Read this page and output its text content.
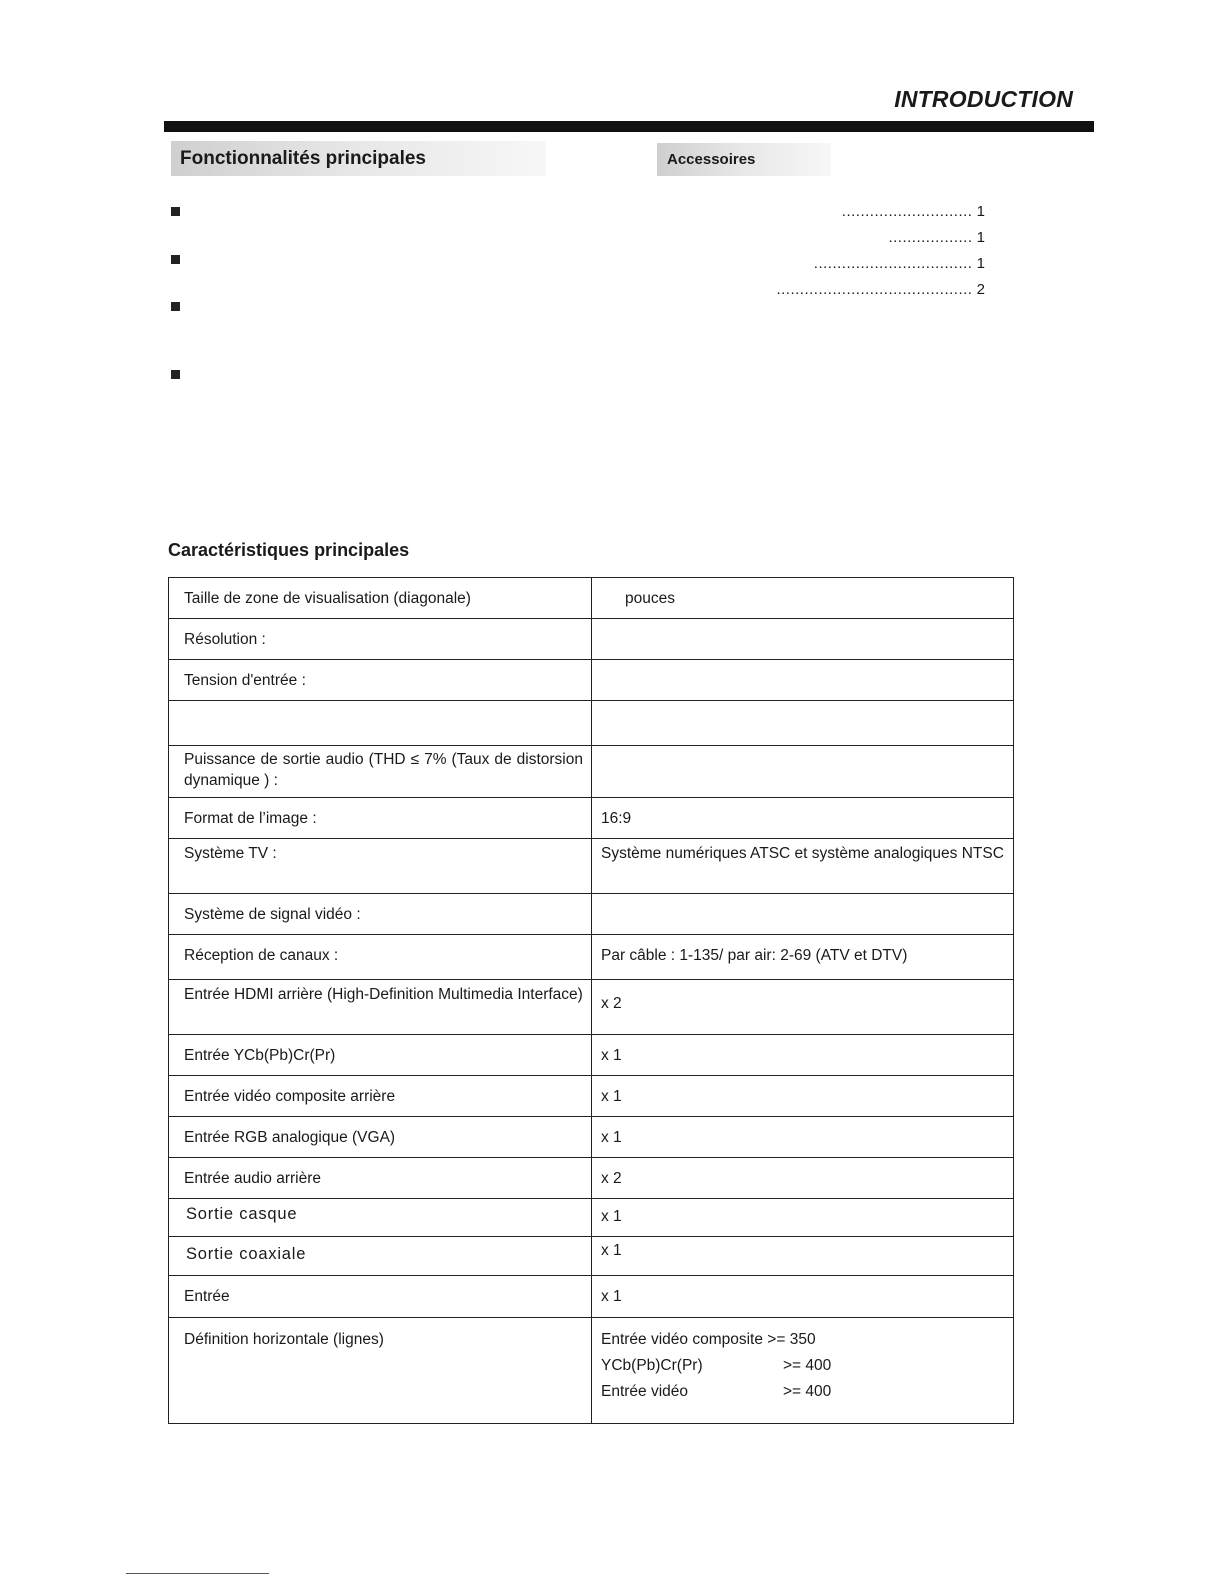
INTRODUCTION
Fonctionnalités principales	Accessoires
............................ 1
.................. 1
.................................. 1
.......................................... 2
Caractéristiques principales
Taille de zone de visualisation (diagonale)	pouces
Résolution :	
Tension d'entrée :	

Puissance de sortie audio (THD ≤ 7% (Taux de distorsion dynamique ) :	
Format de l’image :	16:9
Système TV :	Système numériques ATSC et système analogiques NTSC
Système de signal vidéo :	
Réception de canaux :	Par câble : 1-135/ par air: 2-69 (ATV et DTV)
Entrée HDMI arrière (High-Definition Multimedia Interface)	x 2
Entrée YCb(Pb)Cr(Pr)	x 1
Entrée vidéo composite arrière	x 1
Entrée RGB analogique (VGA)	x 1
Entrée audio arrière	x 2
Sortie casque	x 1
Sortie coaxiale	x 1
Entrée	x 1
Définition horizontale (lignes)	Entrée vidéo composite >= 350
YCb(Pb)Cr(Pr) >= 400
Entrée vidéo >= 400
